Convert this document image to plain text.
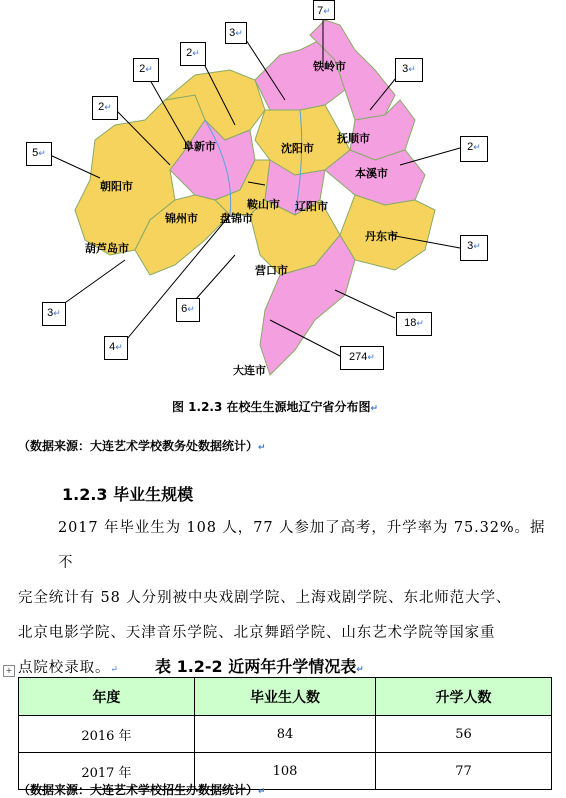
铁岭市
抚顺市
沈阳市
阜新市
朝阳市
锦州市 盘锦市
鞍山市 辽阳市
本溪市
丹东市
营口市
葫芦岛市
大连市
7↵
3↵
3↵
2↵
2↵
2↵
5↵
2↵
3↵
3↵	6↵
4↵
18↵
274↵
图 1.2.3 在校生生源地辽宁省分布图↵
（数据来源：大连艺术学校教务处数据统计）↵
1.2.3 毕业生规模
2017 年毕业生为 108 人，77 人参加了高考，升学率为 75.32%。据不
完全统计有 58 人分别被中央戏剧学院、上海戏剧学院、东北师范大学、
北京电影学院、天津音乐学院、北京舞蹈学院、山东艺术学院等国家重
点院校录取。↵
+	表 1.2-2 近两年升学情况表↵
年度	毕业生人数	升学人数
2016 年	84	56
2017 年	108	77
（数据来源：大连艺术学校招生办数据统计）↵
